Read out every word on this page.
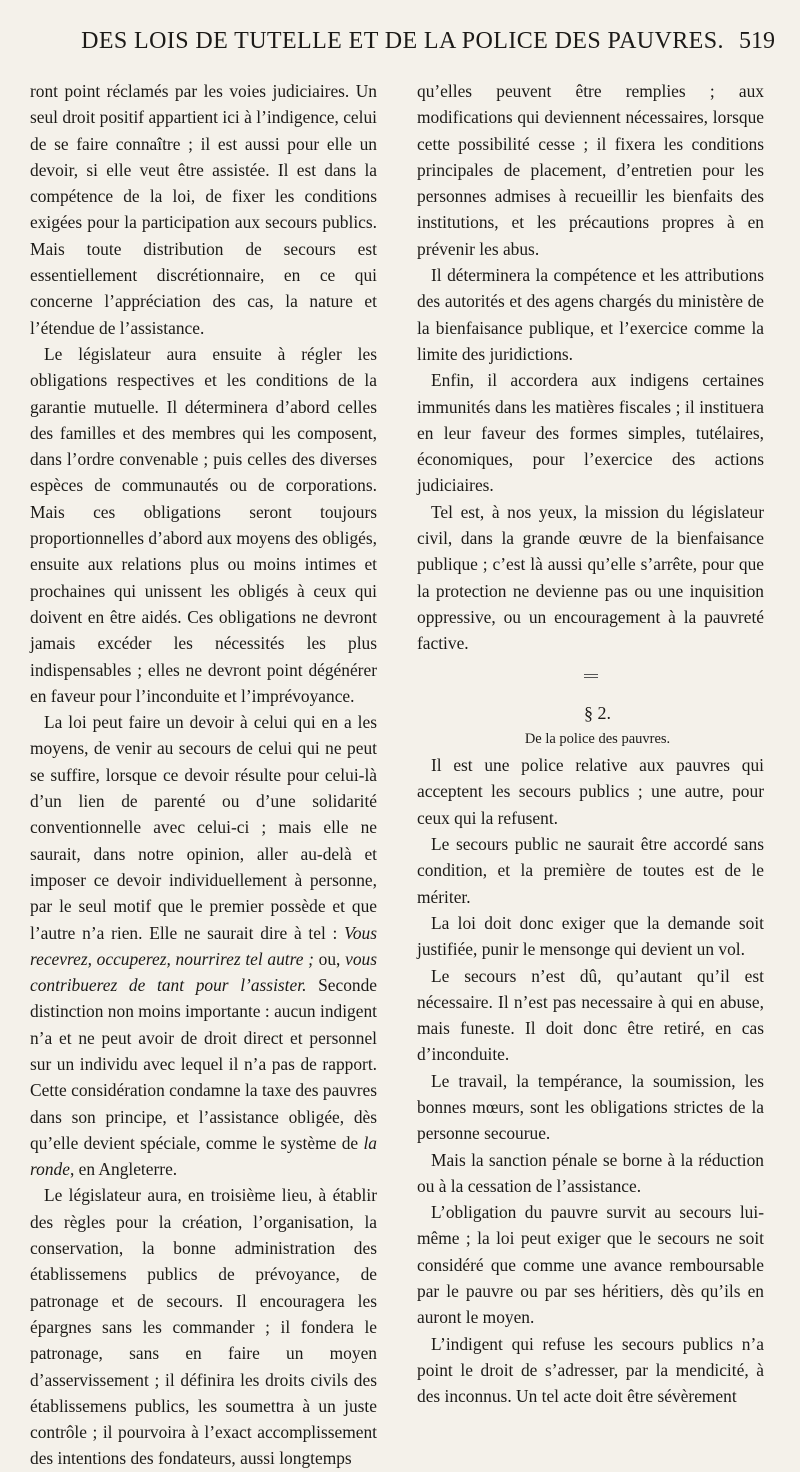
DES LOIS DE TUTELLE ET DE LA POLICE DES PAUVRES. 519

ront point réclamés par les voies judiciaires. Un seul droit positif appartient ici à l’indigence, celui de se faire connaître ; il est aussi pour elle un devoir, si elle veut être assistée. Il est dans la compétence de la loi, de fixer les conditions exigées pour la participation aux secours publics. Mais toute distribution de secours est essentiellement discrétionnaire, en ce qui concerne l’appréciation des cas, la nature et l’étendue de l’assistance.

Le législateur aura ensuite à régler les obligations respectives et les conditions de la garantie mutuelle. Il déterminera d’abord celles des familles et des membres qui les composent, dans l’ordre convenable ; puis celles des diverses espèces de communautés ou de corporations. Mais ces obligations seront toujours proportionnelles d’abord aux moyens des obligés, ensuite aux relations plus ou moins intimes et prochaines qui unissent les obligés à ceux qui doivent en être aidés. Ces obligations ne devront jamais excéder les nécessités les plus indispensables ; elles ne devront point dégénérer en faveur pour l’inconduite et l’imprévoyance.

La loi peut faire un devoir à celui qui en a les moyens, de venir au secours de celui qui ne peut se suffire, lorsque ce devoir résulte pour celui-là d’un lien de parenté ou d’une solidarité conventionnelle avec celui-ci ; mais elle ne saurait, dans notre opinion, aller au-delà et imposer ce devoir individuellement à personne, par le seul motif que le premier possède et que l’autre n’a rien. Elle ne saurait dire à tel : Vous recevrez, occuperez, nourrirez tel autre ; ou, vous contribuerez de tant pour l’assister. Seconde distinction non moins importante : aucun indigent n’a et ne peut avoir de droit direct et personnel sur un individu avec lequel il n’a pas de rapport. Cette considération condamne la taxe des pauvres dans son principe, et l’assistance obligée, dès qu’elle devient spéciale, comme le système de la ronde, en Angleterre.

Le législateur aura, en troisième lieu, à établir des règles pour la création, l’organisation, la conservation, la bonne administration des établissemens publics de prévoyance, de patronage et de secours. Il encouragera les épargnes sans les commander ; il fondera le patronage, sans en faire un moyen d’asservissement ; il définira les droits civils des établissemens publics, les soumettra à un juste contrôle ; il pourvoira à l’exact accomplissement des intentions des fondateurs, aussi longtemps

qu’elles peuvent être remplies ; aux modifications qui deviennent nécessaires, lorsque cette possibilité cesse ; il fixera les conditions principales de placement, d’entretien pour les personnes admises à recueillir les bienfaits des institutions, et les précautions propres à en prévenir les abus.

Il déterminera la compétence et les attributions des autorités et des agens chargés du ministère de la bienfaisance publique, et l’exercice comme la limite des juridictions.

Enfin, il accordera aux indigens certaines immunités dans les matières fiscales ; il instituera en leur faveur des formes simples, tutélaires, économiques, pour l’exercice des actions judiciaires.

Tel est, à nos yeux, la mission du législateur civil, dans la grande œuvre de la bienfaisance publique ; c’est là aussi qu’elle s’arrête, pour que la protection ne devienne pas ou une inquisition oppressive, ou un encouragement à la pauvreté factive.

§ 2.

De la police des pauvres.

Il est une police relative aux pauvres qui acceptent les secours publics ; une autre, pour ceux qui la refusent.

Le secours public ne saurait être accordé sans condition, et la première de toutes est de le mériter.

La loi doit donc exiger que la demande soit justifiée, punir le mensonge qui devient un vol.

Le secours n’est dû, qu’autant qu’il est nécessaire. Il n’est pas necessaire à qui en abuse, mais funeste. Il doit donc être retiré, en cas d’inconduite.

Le travail, la tempérance, la soumission, les bonnes mœurs, sont les obligations strictes de la personne secourue.

Mais la sanction pénale se borne à la réduction ou à la cessation de l’assistance.

L’obligation du pauvre survit au secours lui-même ; la loi peut exiger que le secours ne soit considéré que comme une avance remboursable par le pauvre ou par ses héritiers, dès qu’ils en auront le moyen.

L’indigent qui refuse les secours publics n’a point le droit de s’adresser, par la mendicité, à des inconnus. Un tel acte doit être sévèrement
